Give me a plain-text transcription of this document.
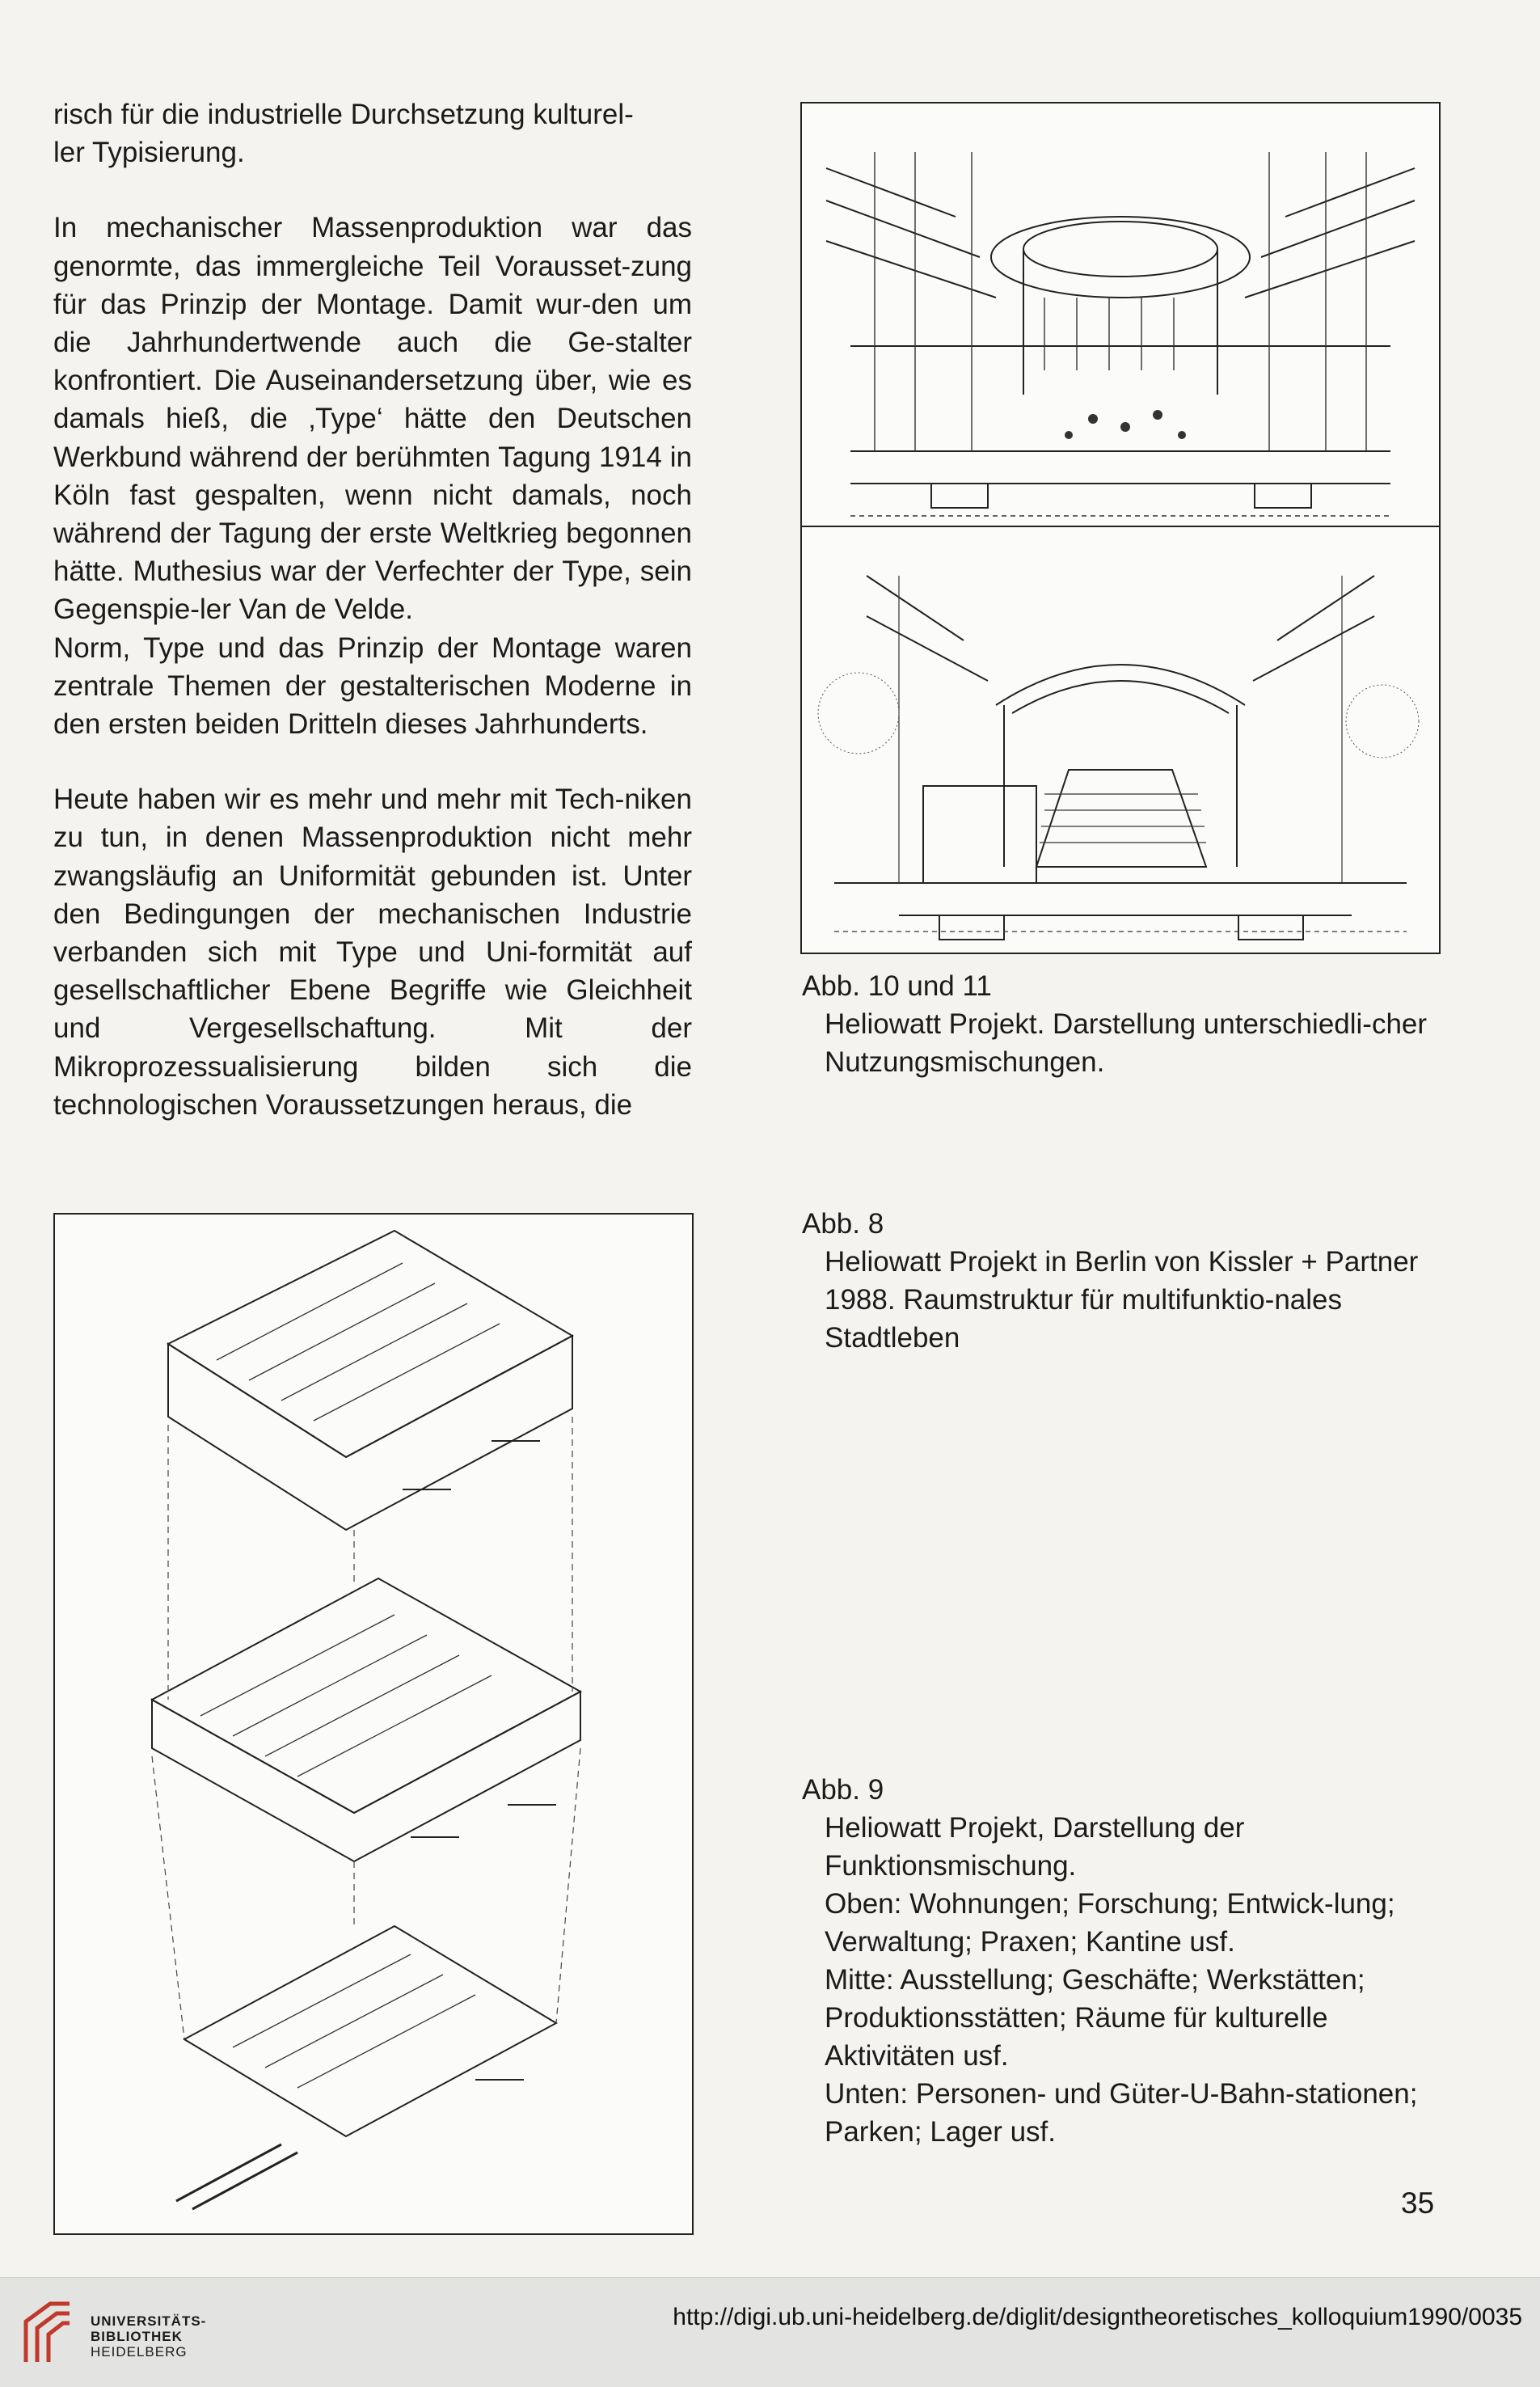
risch für die industrielle Durchsetzung kulturel-
ler Typisierung.

In mechanischer Massenproduktion war das genormte, das immergleiche Teil Vorausset-zung für das Prinzip der Montage. Damit wur-den um die Jahrhundertwende auch die Ge-stalter konfrontiert. Die Auseinandersetzung über, wie es damals hieß, die ‚Type‘ hätte den Deutschen Werkbund während der berühmten Tagung 1914 in Köln fast gespalten, wenn nicht damals, noch während der Tagung der erste Weltkrieg begonnen hätte. Muthesius war der Verfechter der Type, sein Gegenspie-ler Van de Velde.

Norm, Type und das Prinzip der Montage waren zentrale Themen der gestalterischen Moderne in den ersten beiden Dritteln dieses Jahrhunderts.

Heute haben wir es mehr und mehr mit Tech-niken zu tun, in denen Massenproduktion nicht mehr zwangsläufig an Uniformität gebunden ist. Unter den Bedingungen der mechanischen Industrie verbanden sich mit Type und Uni-formität auf gesellschaftlicher Ebene Begriffe wie Gleichheit und Vergesellschaftung. Mit der Mikroprozessualisierung bilden sich die technologischen Voraussetzungen heraus, die

Abb. 10 und 11
Heliowatt Projekt. Darstellung unterschiedli-cher Nutzungsmischungen.
Abb. 8
Heliowatt Projekt in Berlin von Kissler + Partner 1988. Raumstruktur für multifunktio-nales Stadtleben
Abb. 9
Heliowatt Projekt, Darstellung der Funktionsmischung.
Oben: Wohnungen; Forschung; Entwick-lung; Verwaltung; Praxen; Kantine usf.
Mitte: Ausstellung; Geschäfte; Werkstätten; Produktionsstätten; Räume für kulturelle Aktivitäten usf.
Unten: Personen- und Güter-U-Bahn-stationen; Parken; Lager usf.
35
UNIVERSITÄTS-
BIBLIOTHEK
HEIDELBERG
http://digi.ub.uni-heidelberg.de/diglit/designtheoretisches_kolloquium1990/0035
